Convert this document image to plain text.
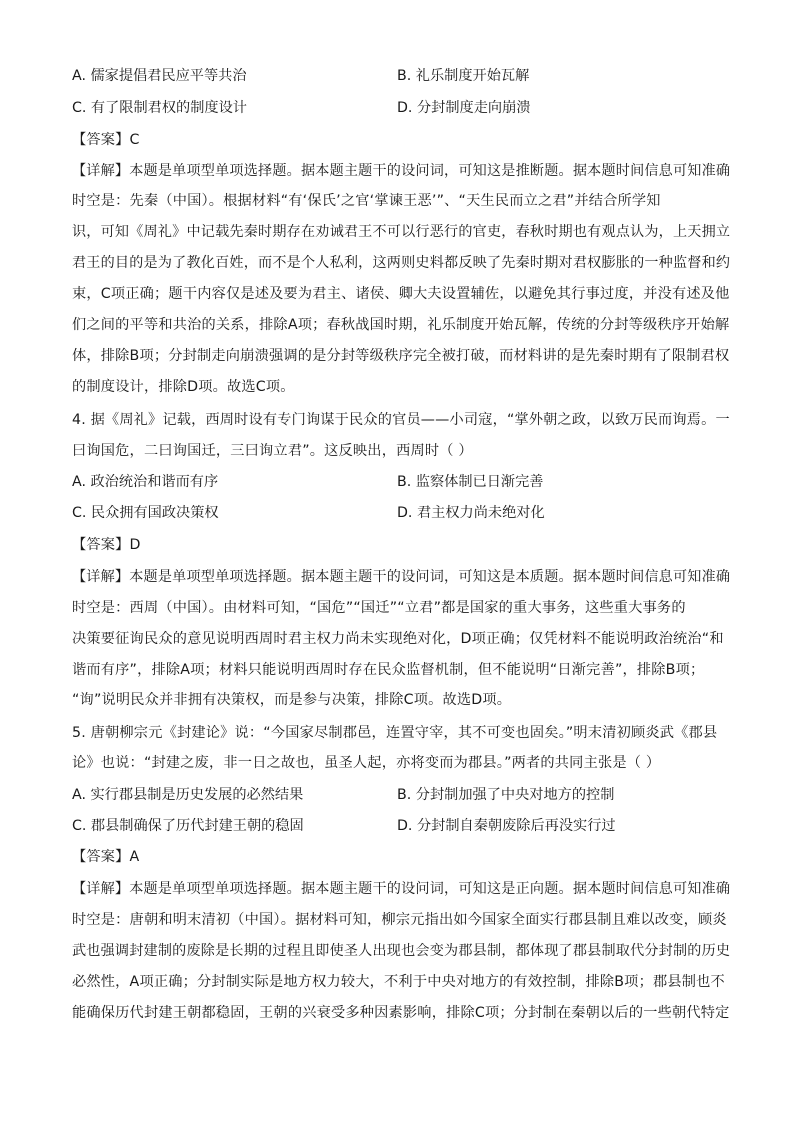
A. 儒家提倡君民应平等共治	B. 礼乐制度开始瓦解
C. 有了限制君权的制度设计	D. 分封制度走向崩溃
【答案】C
【详解】本题是单项型单项选择题。据本题主题干的设问词，可知这是推断题。据本题时间信息可知准确
时空是：先秦（中国）。根据材料“有‘保氏’之官‘掌谏王恶’”、“天生民而立之君”并结合所学知
识，可知《周礼》中记载先秦时期存在劝诫君王不可以行恶行的官吏，春秋时期也有观点认为，上天拥立
君王的目的是为了教化百姓，而不是个人私利，这两则史料都反映了先秦时期对君权膨胀的一种监督和约
束，C项正确；题干内容仅是述及要为君主、诸侯、卿大夫设置辅佐，以避免其行事过度，并没有述及他
们之间的平等和共治的关系，排除A项；春秋战国时期，礼乐制度开始瓦解，传统的分封等级秩序开始解
体，排除B项；分封制走向崩溃强调的是分封等级秩序完全被打破，而材料讲的是先秦时期有了限制君权
的制度设计，排除D项。故选C项。
4. 据《周礼》记载，西周时设有专门询谋于民众的官员——小司寇，“掌外朝之政，以致万民而询焉。一
曰询国危，二曰询国迁，三曰询立君”。这反映出，西周时（ ）
A. 政治统治和谐而有序	B. 监察体制已日渐完善
C. 民众拥有国政决策权	D. 君主权力尚未绝对化
【答案】D
【详解】本题是单项型单项选择题。据本题主题干的设问词，可知这是本质题。据本题时间信息可知准确
时空是：西周（中国）。由材料可知，“国危”“国迁”“立君”都是国家的重大事务，这些重大事务的
决策要征询民众的意见说明西周时君主权力尚未实现绝对化，D项正确；仅凭材料不能说明政治统治“和
谐而有序”，排除A项；材料只能说明西周时存在民众监督机制，但不能说明“日渐完善”，排除B项；
“询”说明民众并非拥有决策权，而是参与决策，排除C项。故选D项。
5. 唐朝柳宗元《封建论》说：“今国家尽制郡邑，连置守宰，其不可变也固矣。”明末清初顾炎武《郡县
论》也说：“封建之废，非一日之故也，虽圣人起，亦将变而为郡县。”两者的共同主张是（ ）
A. 实行郡县制是历史发展的必然结果	B. 分封制加强了中央对地方的控制
C. 郡县制确保了历代封建王朝的稳固	D. 分封制自秦朝废除后再没实行过
【答案】A
【详解】本题是单项型单项选择题。据本题主题干的设问词，可知这是正向题。据本题时间信息可知准确
时空是：唐朝和明末清初（中国）。据材料可知，柳宗元指出如今国家全面实行郡县制且难以改变，顾炎
武也强调封建制的废除是长期的过程且即使圣人出现也会变为郡县制，都体现了郡县制取代分封制的历史
必然性，A项正确；分封制实际是地方权力较大，不利于中央对地方的有效控制，排除B项；郡县制也不
能确保历代封建王朝都稳固，王朝的兴衰受多种因素影响，排除C项；分封制在秦朝以后的一些朝代特定
